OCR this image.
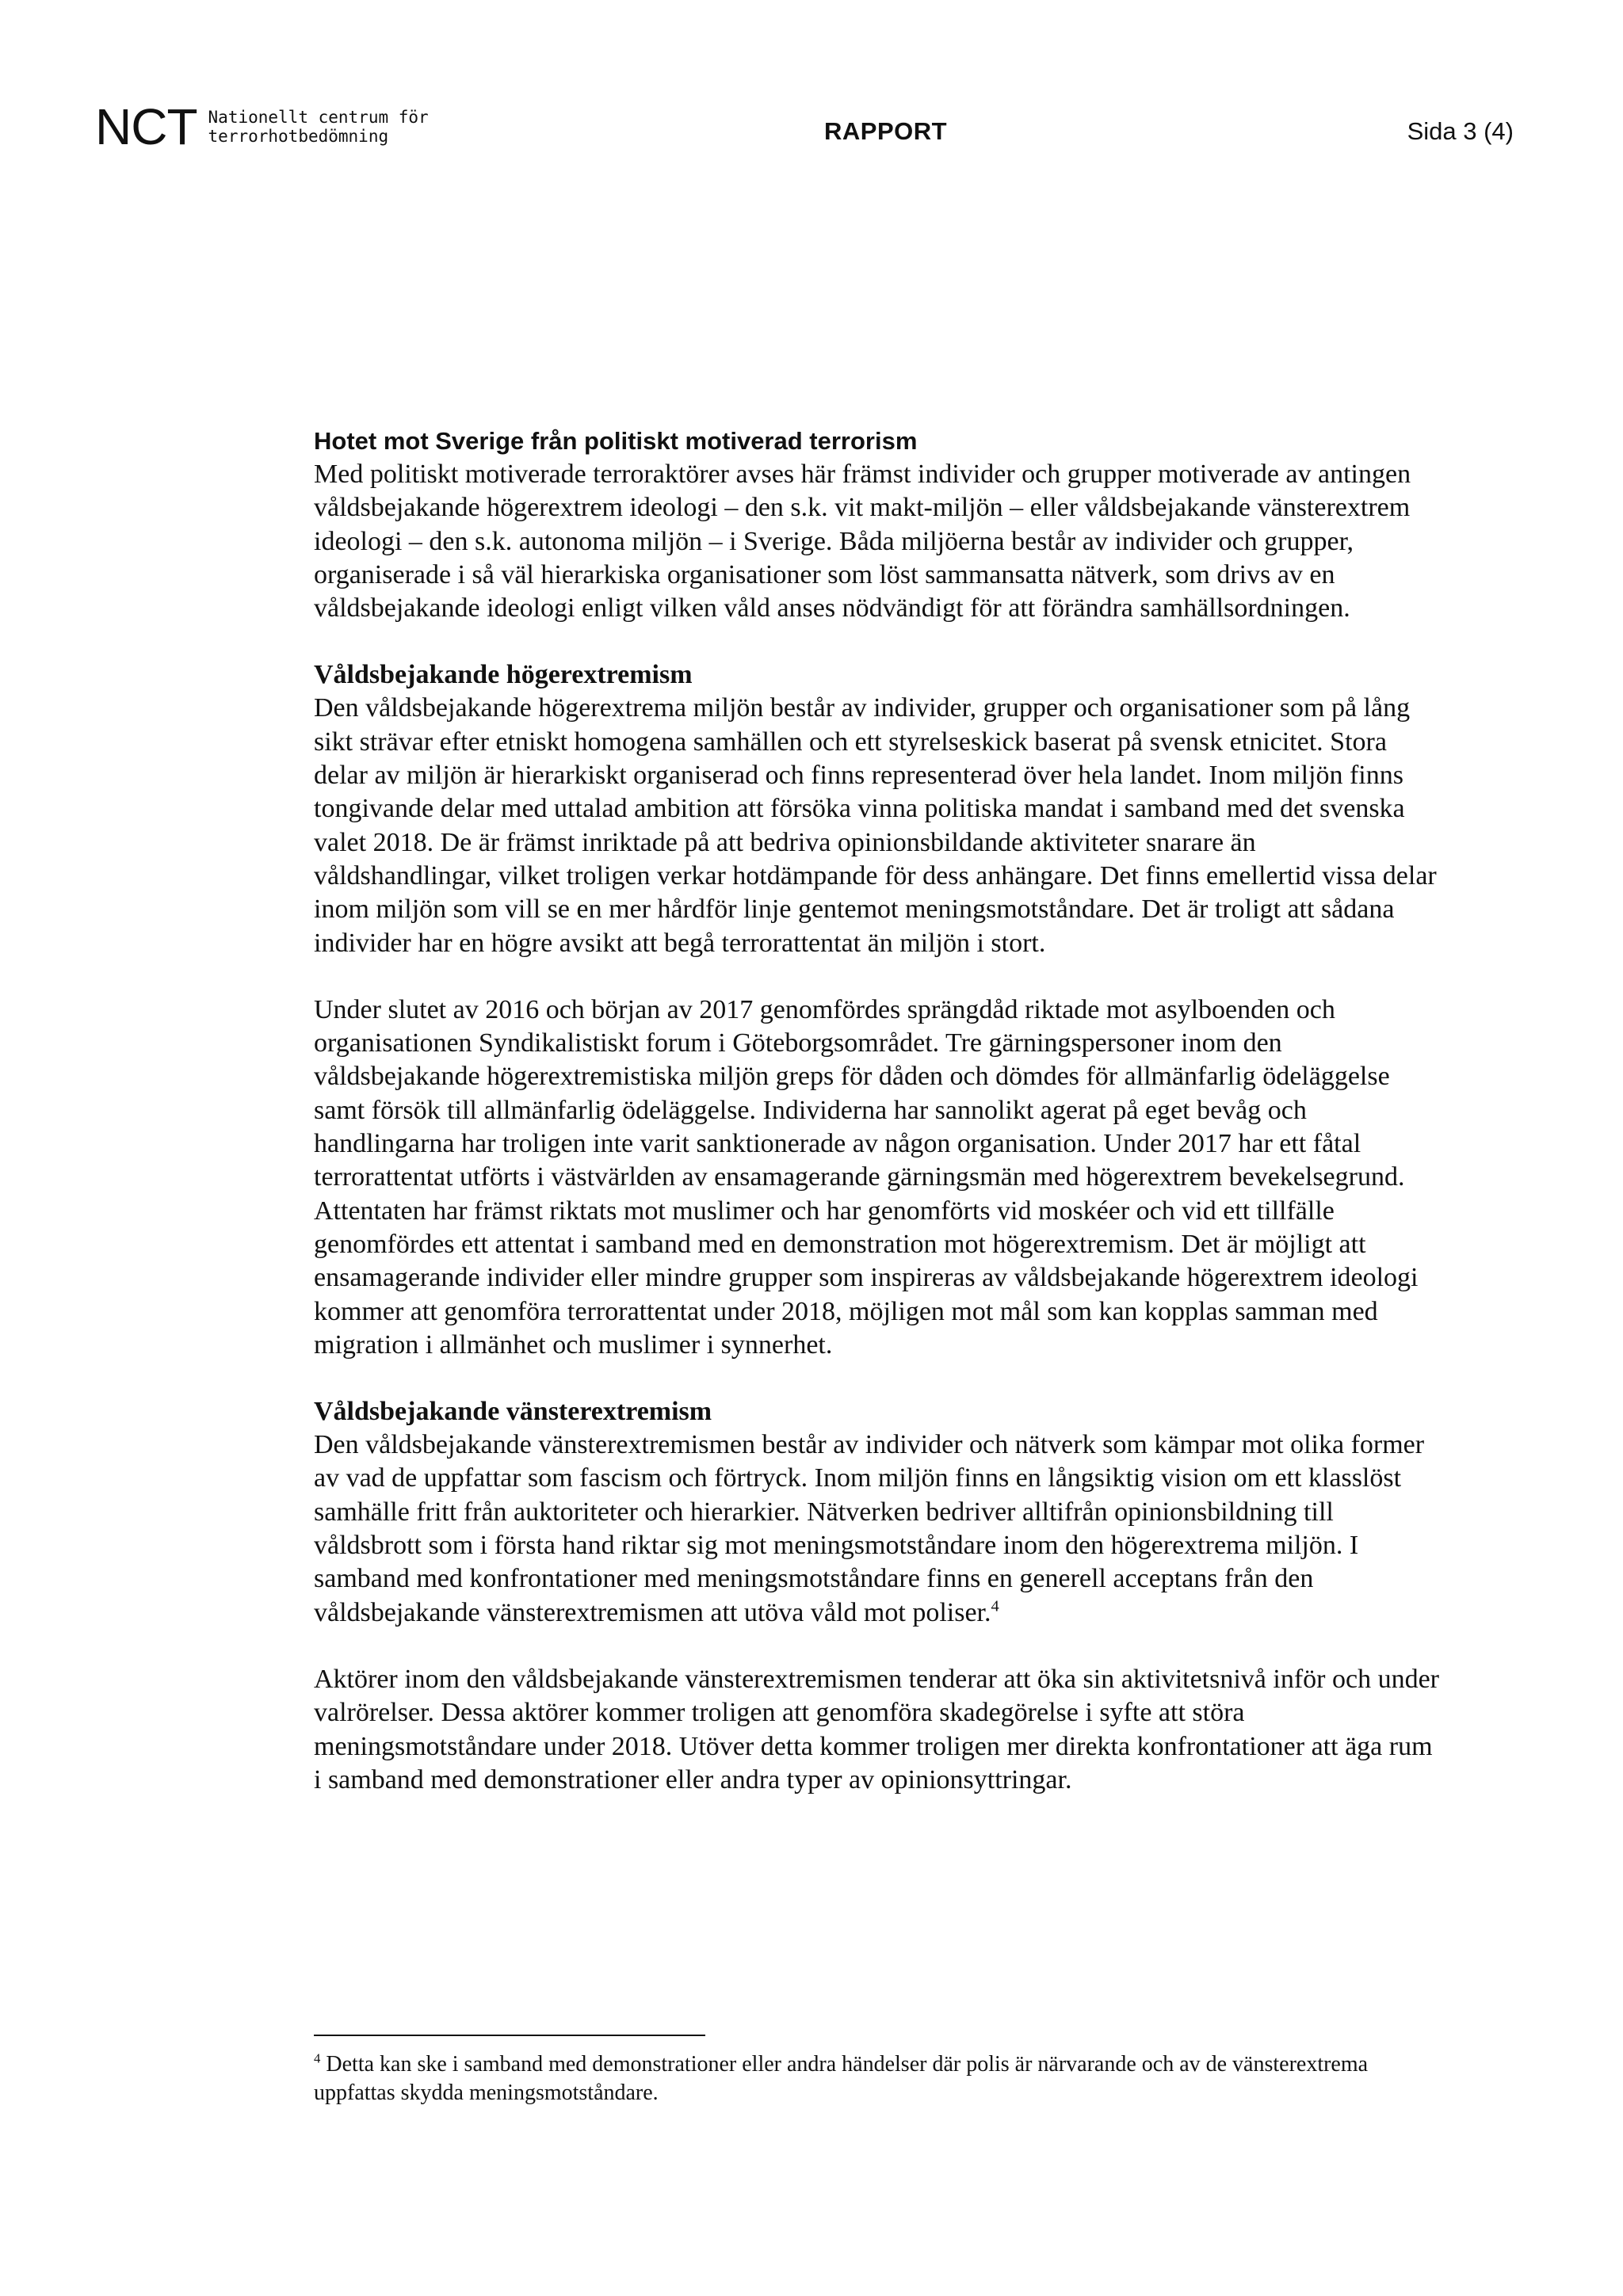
NCT Nationellt centrum för
terrorhotbedömning	RAPPORT	Sida 3 (4)
Hotet mot Sverige från politiskt motiverad terrorism

Med politiskt motiverade terroraktörer avses här främst individer och grupper motiverade av antingen våldsbejakande högerextrem ideologi – den s.k. vit makt-miljön – eller våldsbejakande vänsterextrem ideologi – den s.k. autonoma miljön – i Sverige. Båda miljöerna består av individer och grupper, organiserade i så väl hierarkiska organisationer som löst sammansatta nätverk, som drivs av en våldsbejakande ideologi enligt vilken våld anses nödvändigt för att förändra samhällsordningen.

Våldsbejakande högerextremism

Den våldsbejakande högerextrema miljön består av individer, grupper och organisationer som på lång sikt strävar efter etniskt homogena samhällen och ett styrelseskick baserat på svensk etnicitet. Stora delar av miljön är hierarkiskt organiserad och finns representerad över hela landet. Inom miljön finns tongivande delar med uttalad ambition att försöka vinna politiska mandat i samband med det svenska valet 2018. De är främst inriktade på att bedriva opinionsbildande aktiviteter snarare än våldshandlingar, vilket troligen verkar hotdämpande för dess anhängare. Det finns emellertid vissa delar inom miljön som vill se en mer hårdför linje gentemot meningsmotståndare. Det är troligt att sådana individer har en högre avsikt att begå terrorattentat än miljön i stort.

Under slutet av 2016 och början av 2017 genomfördes sprängdåd riktade mot asylboenden och organisationen Syndikalistiskt forum i Göteborgsområdet. Tre gärningspersoner inom den våldsbejakande högerextremistiska miljön greps för dåden och dömdes för allmänfarlig ödeläggelse samt försök till allmänfarlig ödeläggelse. Individerna har sannolikt agerat på eget bevåg och handlingarna har troligen inte varit sanktionerade av någon organisation. Under 2017 har ett fåtal terrorattentat utförts i västvärlden av ensamagerande gärningsmän med högerextrem bevekelsegrund. Attentaten har främst riktats mot muslimer och har genomförts vid moskéer och vid ett tillfälle genomfördes ett attentat i samband med en demonstration mot högerextremism. Det är möjligt att ensamagerande individer eller mindre grupper som inspireras av våldsbejakande högerextrem ideologi kommer att genomföra terrorattentat under 2018, möjligen mot mål som kan kopplas samman med migration i allmänhet och muslimer i synnerhet.

Våldsbejakande vänsterextremism

Den våldsbejakande vänsterextremismen består av individer och nätverk som kämpar mot olika former av vad de uppfattar som fascism och förtryck. Inom miljön finns en långsiktig vision om ett klasslöst samhälle fritt från auktoriteter och hierarkier. Nätverken bedriver alltifrån opinionsbildning till våldsbrott som i första hand riktar sig mot meningsmotståndare inom den högerextrema miljön. I samband med konfrontationer med meningsmotståndare finns en generell acceptans från den våldsbejakande vänsterextremismen att utöva våld mot poliser.$^4$

Aktörer inom den våldsbejakande vänsterextremismen tenderar att öka sin aktivitetsnivå inför och under valrörelser. Dessa aktörer kommer troligen att genomföra skadegörelse i syfte att störa meningsmotståndare under 2018. Utöver detta kommer troligen mer direkta konfrontationer att äga rum i samband med demonstrationer eller andra typer av opinionsyttringar.

$^4$ Detta kan ske i samband med demonstrationer eller andra händelser där polis är närvarande och av de vänsterextrema uppfattas skydda meningsmotståndare.
